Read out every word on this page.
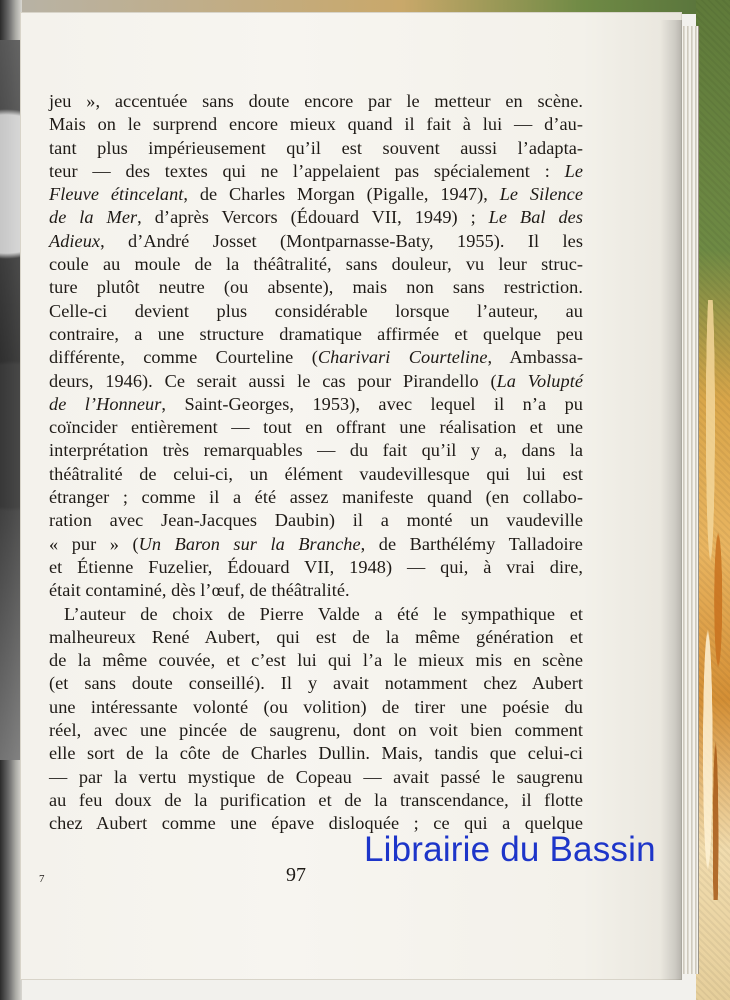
jeu », accentuée sans doute encore par le metteur en scène.
Mais on le surprend encore mieux quand il fait à lui — d’au-
tant plus impérieusement qu’il est souvent aussi l’adapta-
teur — des textes qui ne l’appelaient pas spécialement : Le
Fleuve étincelant, de Charles Morgan (Pigalle, 1947), Le Silence
de la Mer, d’après Vercors (Édouard VII, 1949) ; Le Bal des
Adieux, d’André Josset (Montparnasse-Baty, 1955). Il les
coule au moule de la théâtralité, sans douleur, vu leur struc-
ture plutôt neutre (ou absente), mais non sans restriction.
Celle-ci devient plus considérable lorsque l’auteur, au
contraire, a une structure dramatique affirmée et quelque peu
différente, comme Courteline (Charivari Courteline, Ambassa-
deurs, 1946). Ce serait aussi le cas pour Pirandello (La Volupté
de l’Honneur, Saint-Georges, 1953), avec lequel il n’a pu
coïncider entièrement — tout en offrant une réalisation et une
interprétation très remarquables — du fait qu’il y a, dans la
théâtralité de celui-ci, un élément vaudevillesque qui lui est
étranger ; comme il a été assez manifeste quand (en collabo-
ration avec Jean-Jacques Daubin) il a monté un vaudeville
« pur » (Un Baron sur la Branche, de Barthélémy Talladoire
et Étienne Fuzelier, Édouard VII, 1948) — qui, à vrai dire,
était contaminé, dès l’œuf, de théâtralité.
L’auteur de choix de Pierre Valde a été le sympathique et
malheureux René Aubert, qui est de la même génération et
de la même couvée, et c’est lui qui l’a le mieux mis en scène
(et sans doute conseillé). Il y avait notamment chez Aubert
une intéressante volonté (ou volition) de tirer une poésie du
réel, avec une pincée de saugrenu, dont on voit bien comment
elle sort de la côte de Charles Dullin. Mais, tandis que celui-ci
— par la vertu mystique de Copeau — avait passé le saugrenu
au feu doux de la purification et de la transcendance, il flotte
chez Aubert comme une épave disloquée ; ce qui a quelque
7	97
Librairie du Bassin
